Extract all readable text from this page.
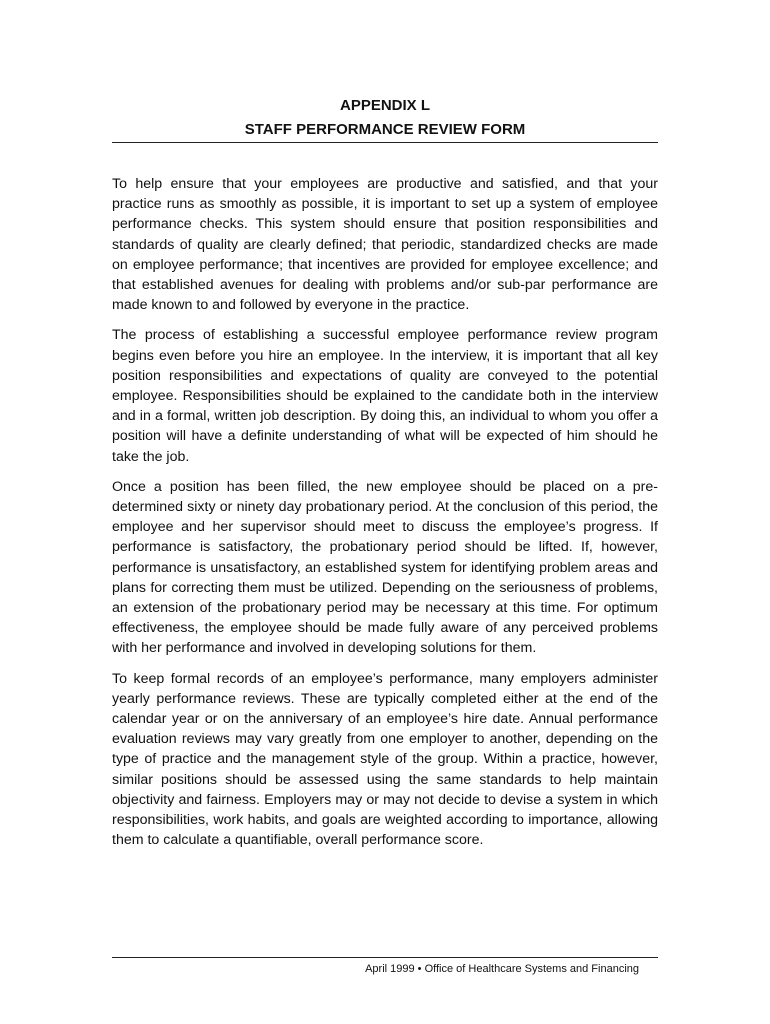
APPENDIX L
STAFF PERFORMANCE REVIEW FORM

To help ensure that your employees are productive and satisfied, and that your practice runs as smoothly as possible, it is important to set up a system of employee performance checks. This system should ensure that position responsibilities and standards of quality are clearly defined; that periodic, standardized checks are made on employee performance; that incentives are provided for employee excellence; and that established avenues for dealing with problems and/or sub-par performance are made known to and followed by everyone in the practice.

The process of establishing a successful employee performance review program begins even before you hire an employee. In the interview, it is important that all key position responsibilities and expectations of quality are conveyed to the potential employee. Responsibilities should be explained to the candidate both in the interview and in a formal, written job description. By doing this, an individual to whom you offer a position will have a definite understanding of what will be expected of him should he take the job.

Once a position has been filled, the new employee should be placed on a pre-determined sixty or ninety day probationary period. At the conclusion of this period, the employee and her supervisor should meet to discuss the employee’s progress. If performance is satisfactory, the probationary period should be lifted. If, however, performance is unsatisfactory, an established system for identifying problem areas and plans for correcting them must be utilized. Depending on the seriousness of problems, an extension of the probationary period may be necessary at this time. For optimum effectiveness, the employee should be made fully aware of any perceived problems with her performance and involved in developing solutions for them.

To keep formal records of an employee’s performance, many employers administer yearly performance reviews. These are typically completed either at the end of the calendar year or on the anniversary of an employee’s hire date. Annual performance evaluation reviews may vary greatly from one employer to another, depending on the type of practice and the management style of the group. Within a practice, however, similar positions should be assessed using the same standards to help maintain objectivity and fairness. Employers may or may not decide to devise a system in which responsibilities, work habits, and goals are weighted according to importance, allowing them to calculate a quantifiable, overall performance score.

April 1999 • Office of Healthcare Systems and Financing
